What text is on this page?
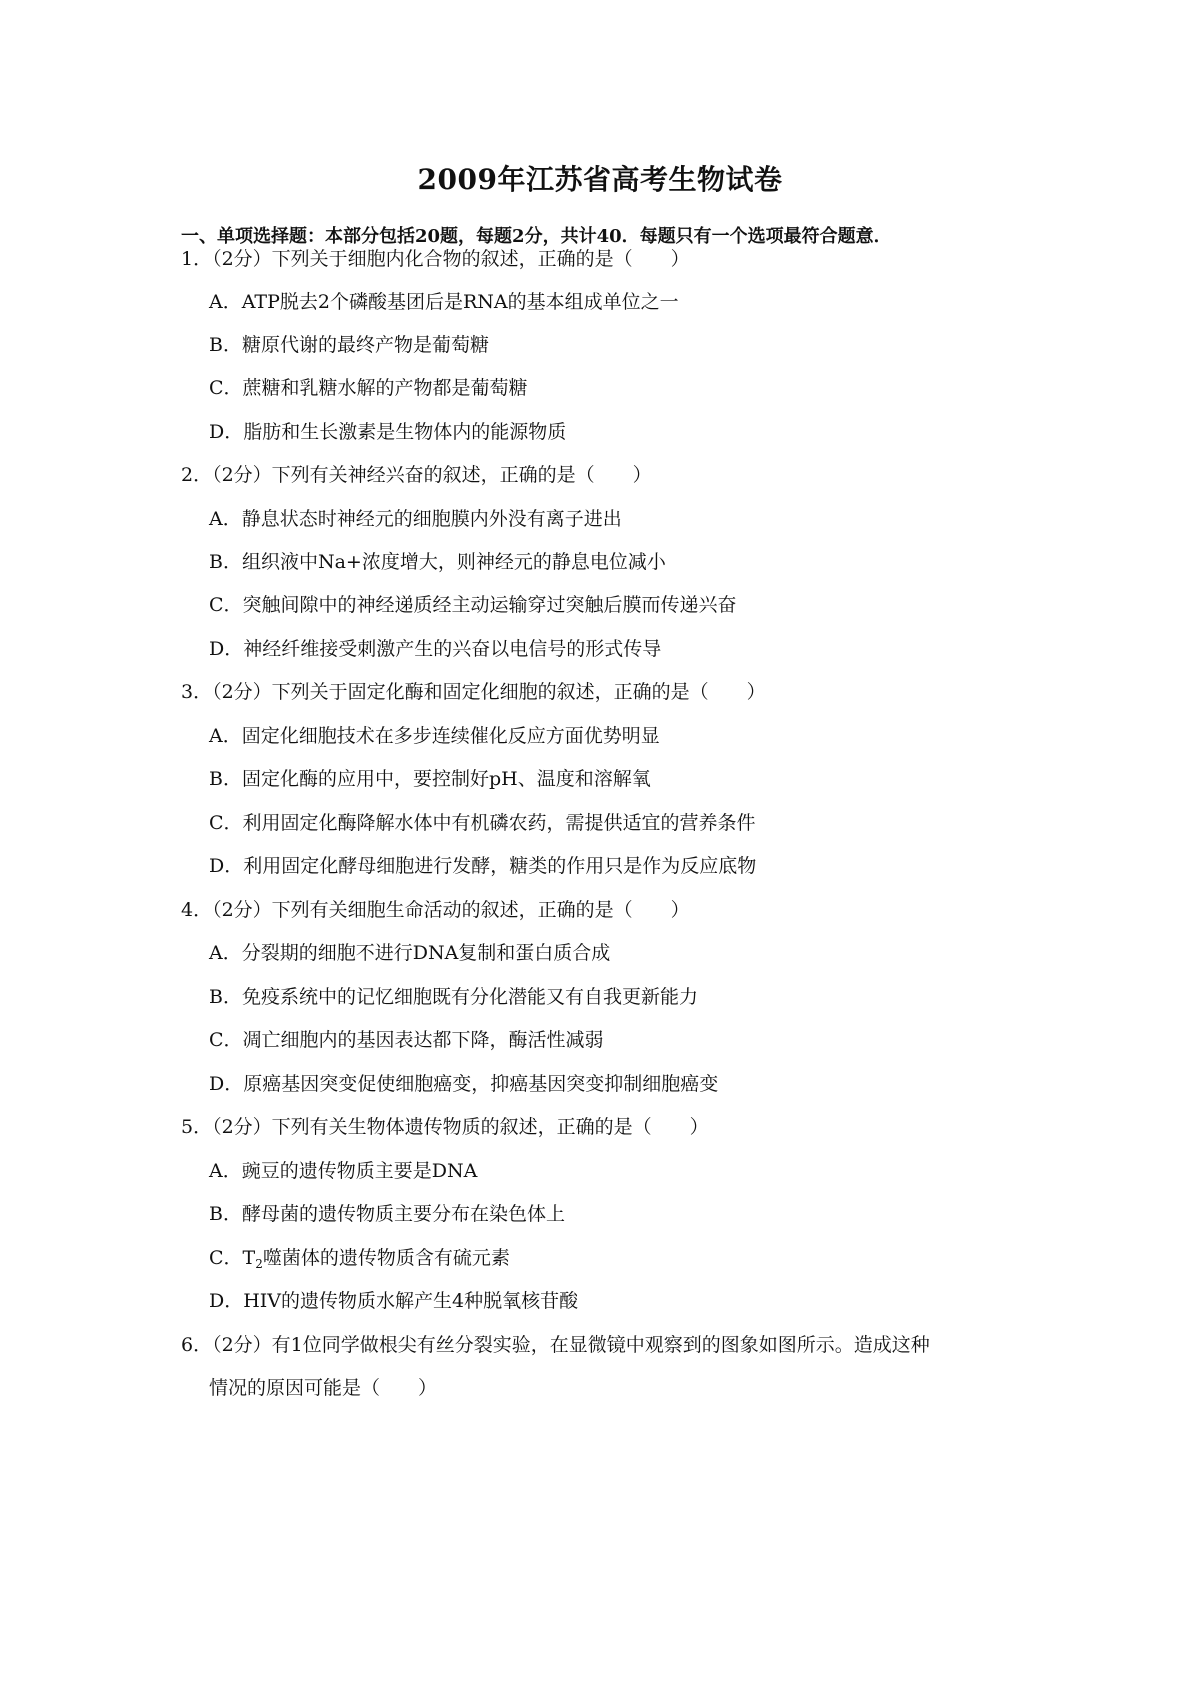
2009年江苏省高考生物试卷
一、单项选择题：本部分包括20题，每题2分，共计40．每题只有一个选项最符合题意．
1．（2分）下列关于细胞内化合物的叙述，正确的是（　　）
A．ATP脱去2个磷酸基团后是RNA的基本组成单位之一
B．糖原代谢的最终产物是葡萄糖
C．蔗糖和乳糖水解的产物都是葡萄糖
D．脂肪和生长激素是生物体内的能源物质
2．（2分）下列有关神经兴奋的叙述，正确的是（　　）
A．静息状态时神经元的细胞膜内外没有离子进出
B．组织液中Na+浓度增大，则神经元的静息电位减小
C．突触间隙中的神经递质经主动运输穿过突触后膜而传递兴奋
D．神经纤维接受刺激产生的兴奋以电信号的形式传导
3．（2分）下列关于固定化酶和固定化细胞的叙述，正确的是（　　）
A．固定化细胞技术在多步连续催化反应方面优势明显
B．固定化酶的应用中，要控制好pH、温度和溶解氧
C．利用固定化酶降解水体中有机磷农药，需提供适宜的营养条件
D．利用固定化酵母细胞进行发酵，糖类的作用只是作为反应底物
4．（2分）下列有关细胞生命活动的叙述，正确的是（　　）
A．分裂期的细胞不进行DNA复制和蛋白质合成
B．免疫系统中的记忆细胞既有分化潜能又有自我更新能力
C．凋亡细胞内的基因表达都下降，酶活性减弱
D．原癌基因突变促使细胞癌变，抑癌基因突变抑制细胞癌变
5．（2分）下列有关生物体遗传物质的叙述，正确的是（　　）
A．豌豆的遗传物质主要是DNA
B．酵母菌的遗传物质主要分布在染色体上
C．$T_2$噬菌体的遗传物质含有硫元素
D．HIV的遗传物质水解产生4种脱氧核苷酸
6．（2分）有1位同学做根尖有丝分裂实验，在显微镜中观察到的图象如图所示。造成这种
情况的原因可能是（　　）
